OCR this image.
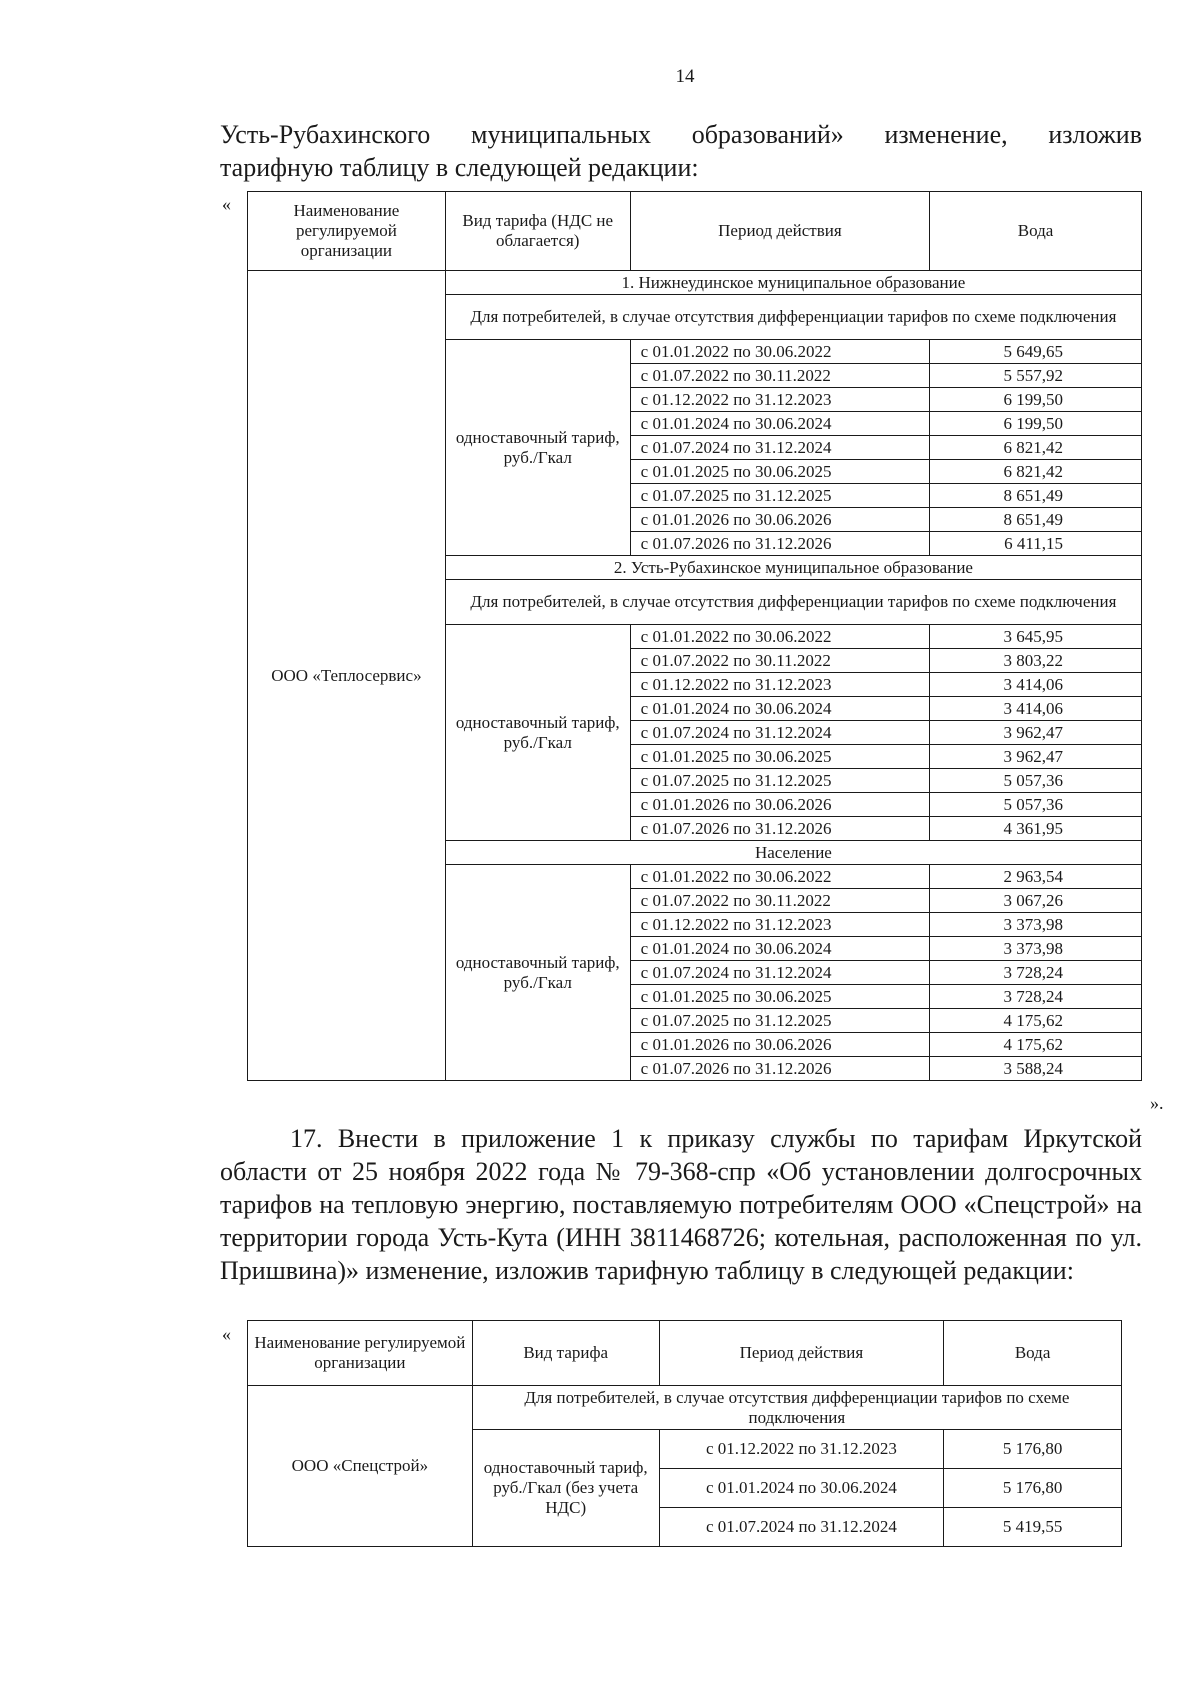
14
Усть-Рубахинского муниципальных образований» изменение, изложив
тарифную таблицу в следующей редакции:
«	Наименование регулируемой организации	Вид тарифа (НДС не облагается)	Период действия	Вода
ООО «Теплосервис»	1. Нижнеудинское муниципальное образование		
	Для потребителей, в случае отсутствия дифференциации тарифов по схеме подключения		
	одноставочный тариф, руб./Гкал	с 01.01.2022 по 30.06.2022	5 649,65
		с 01.07.2022 по 30.11.2022	5 557,92
		с 01.12.2022 по 31.12.2023	6 199,50
		с 01.01.2024 по 30.06.2024	6 199,50
		с 01.07.2024 по 31.12.2024	6 821,42
		с 01.01.2025 по 30.06.2025	6 821,42
		с 01.07.2025 по 31.12.2025	8 651,49
		с 01.01.2026 по 30.06.2026	8 651,49
		с 01.07.2026 по 31.12.2026	6 411,15
	2. Усть-Рубахинское муниципальное образование		
	Для потребителей, в случае отсутствия дифференциации тарифов по схеме подключения		
	одноставочный тариф, руб./Гкал	с 01.01.2022 по 30.06.2022	3 645,95
		с 01.07.2022 по 30.11.2022	3 803,22
		с 01.12.2022 по 31.12.2023	3 414,06
		с 01.01.2024 по 30.06.2024	3 414,06
		с 01.07.2024 по 31.12.2024	3 962,47
		с 01.01.2025 по 30.06.2025	3 962,47
		с 01.07.2025 по 31.12.2025	5 057,36
		с 01.01.2026 по 30.06.2026	5 057,36
		с 01.07.2026 по 31.12.2026	4 361,95
	Население		
	одноставочный тариф, руб./Гкал	с 01.01.2022 по 30.06.2022	2 963,54
		с 01.07.2022 по 30.11.2022	3 067,26
		с 01.12.2022 по 31.12.2023	3 373,98
		с 01.01.2024 по 30.06.2024	3 373,98
		с 01.07.2024 по 31.12.2024	3 728,24
		с 01.01.2025 по 30.06.2025	3 728,24
		с 01.07.2025 по 31.12.2025	4 175,62
		с 01.01.2026 по 30.06.2026	4 175,62
		с 01.07.2026 по 31.12.2026	3 588,24
».
17. Внести в приложение 1 к приказу службы по тарифам Иркутской области от 25 ноября 2022 года № 79-368-спр «Об установлении долгосрочных тарифов на тепловую энергию, поставляемую потребителям ООО «Спецстрой» на территории города Усть-Кута (ИНН 3811468726; котельная, расположенная по ул. Пришвина)» изменение, изложив тарифную таблицу в следующей редакции:
« Наименование регулируемой организации	Вид тарифа	Период действия	Вода
ООО «Спецстрой»	Для потребителей, в случае отсутствия дифференциации тарифов по схеме подключения		
	одноставочный тариф, руб./Гкал (без учета НДС)	с 01.12.2022 по 31.12.2023	5 176,80
		с 01.01.2024 по 30.06.2024	5 176,80
		с 01.07.2024 по 31.12.2024	5 419,55
